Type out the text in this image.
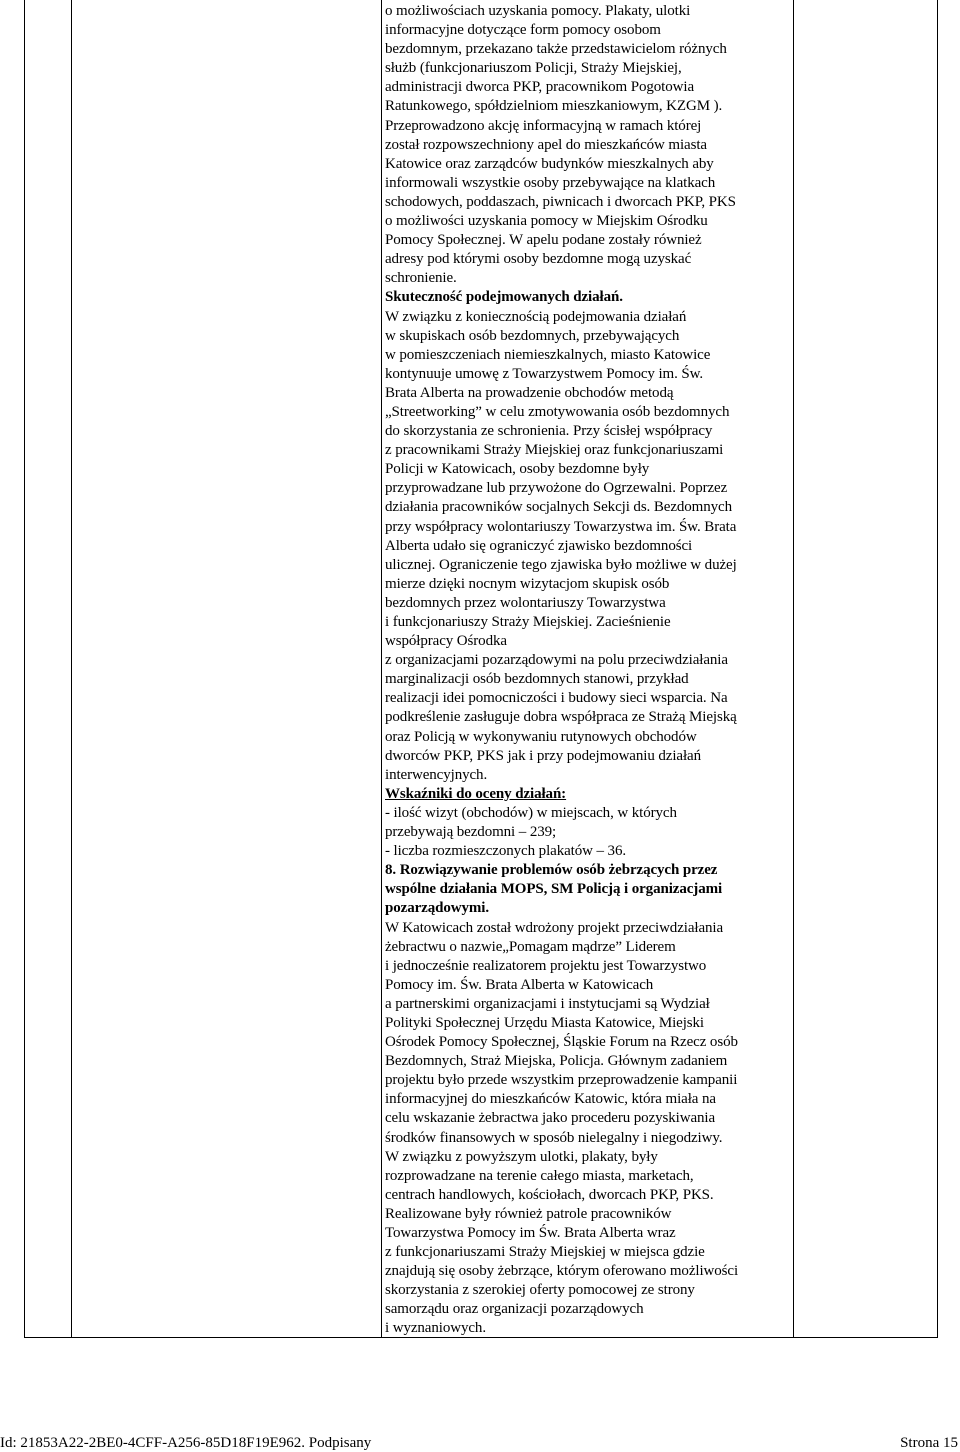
o możliwościach uzyskania pomocy. Plakaty, ulotki
informacyjne dotyczące form pomocy osobom
bezdomnym, przekazano także przedstawicielom różnych
służb (funkcjonariuszom Policji, Straży Miejskiej,
administracji dworca PKP, pracownikom Pogotowia
Ratunkowego, spółdzielniom mieszkaniowym, KZGM ).
Przeprowadzono akcję informacyjną w ramach której
został rozpowszechniony apel do mieszkańców miasta
Katowice oraz zarządców budynków mieszkalnych aby
informowali wszystkie osoby przebywające na klatkach
schodowych, poddaszach, piwnicach i dworcach PKP, PKS
o możliwości uzyskania pomocy w Miejskim Ośrodku
Pomocy Społecznej. W apelu podane zostały również
adresy pod którymi osoby bezdomne mogą uzyskać
schronienie.
Skuteczność podejmowanych działań.
W związku z koniecznością podejmowania działań
w skupiskach osób bezdomnych, przebywających
w pomieszczeniach niemieszkalnych, miasto Katowice
kontynuuje umowę z Towarzystwem Pomocy im. Św.
Brata Alberta na prowadzenie obchodów metodą
„Streetworking” w celu zmotywowania osób bezdomnych
do skorzystania ze schronienia. Przy ścisłej współpracy
z pracownikami Straży Miejskiej oraz funkcjonariuszami
Policji w Katowicach, osoby bezdomne były
przyprowadzane lub przywożone do Ogrzewalni. Poprzez
działania pracowników socjalnych Sekcji ds. Bezdomnych
przy współpracy wolontariuszy Towarzystwa im. Św. Brata
Alberta udało się ograniczyć zjawisko bezdomności
ulicznej. Ograniczenie tego zjawiska było możliwe w dużej
mierze dzięki nocnym wizytacjom skupisk osób
bezdomnych przez wolontariuszy Towarzystwa
i funkcjonariuszy Straży Miejskiej. Zacieśnienie
współpracy Ośrodka
z organizacjami pozarządowymi na polu przeciwdziałania
marginalizacji osób bezdomnych stanowi, przykład
realizacji idei pomocniczości i budowy sieci wsparcia. Na
podkreślenie zasługuje dobra współpraca ze Strażą Miejską
oraz Policją w wykonywaniu rutynowych obchodów
dworców PKP, PKS jak i przy podejmowaniu działań
interwencyjnych.
Wskaźniki do oceny działań:
- ilość wizyt (obchodów) w miejscach, w których
przebywają bezdomni – 239;
- liczba rozmieszczonych plakatów – 36.
8. Rozwiązywanie problemów osób żebrzących przez
wspólne działania MOPS, SM Policją i organizacjami
pozarządowymi.
W Katowicach został wdrożony projekt przeciwdziałania
żebractwu o nazwie„Pomagam mądrze” Liderem
i jednocześnie realizatorem projektu jest Towarzystwo
Pomocy im. Św. Brata Alberta w Katowicach
a partnerskimi organizacjami i instytucjami są Wydział
Polityki Społecznej Urzędu Miasta Katowice, Miejski
Ośrodek Pomocy Społecznej, Śląskie Forum na Rzecz osób
Bezdomnych, Straż Miejska, Policja. Głównym zadaniem
projektu było przede wszystkim przeprowadzenie kampanii
informacyjnej do mieszkańców Katowic, która miała na
celu wskazanie żebractwa jako procederu pozyskiwania
środków finansowych w sposób nielegalny i niegodziwy.
W związku z powyższym ulotki, plakaty, były
rozprowadzane na terenie całego miasta, marketach,
centrach handlowych, kościołach, dworcach PKP, PKS.
Realizowane były również patrole pracowników
Towarzystwa Pomocy im Św. Brata Alberta wraz
z funkcjonariuszami Straży Miejskiej w miejsca gdzie
znajdują się osoby żebrzące, którym oferowano możliwości
skorzystania z szerokiej oferty pomocowej ze strony
samorządu oraz organizacji pozarządowych
i wyznaniowych.
Id: 21853A22-2BE0-4CFF-A256-85D18F19E962. Podpisany	Strona 15
